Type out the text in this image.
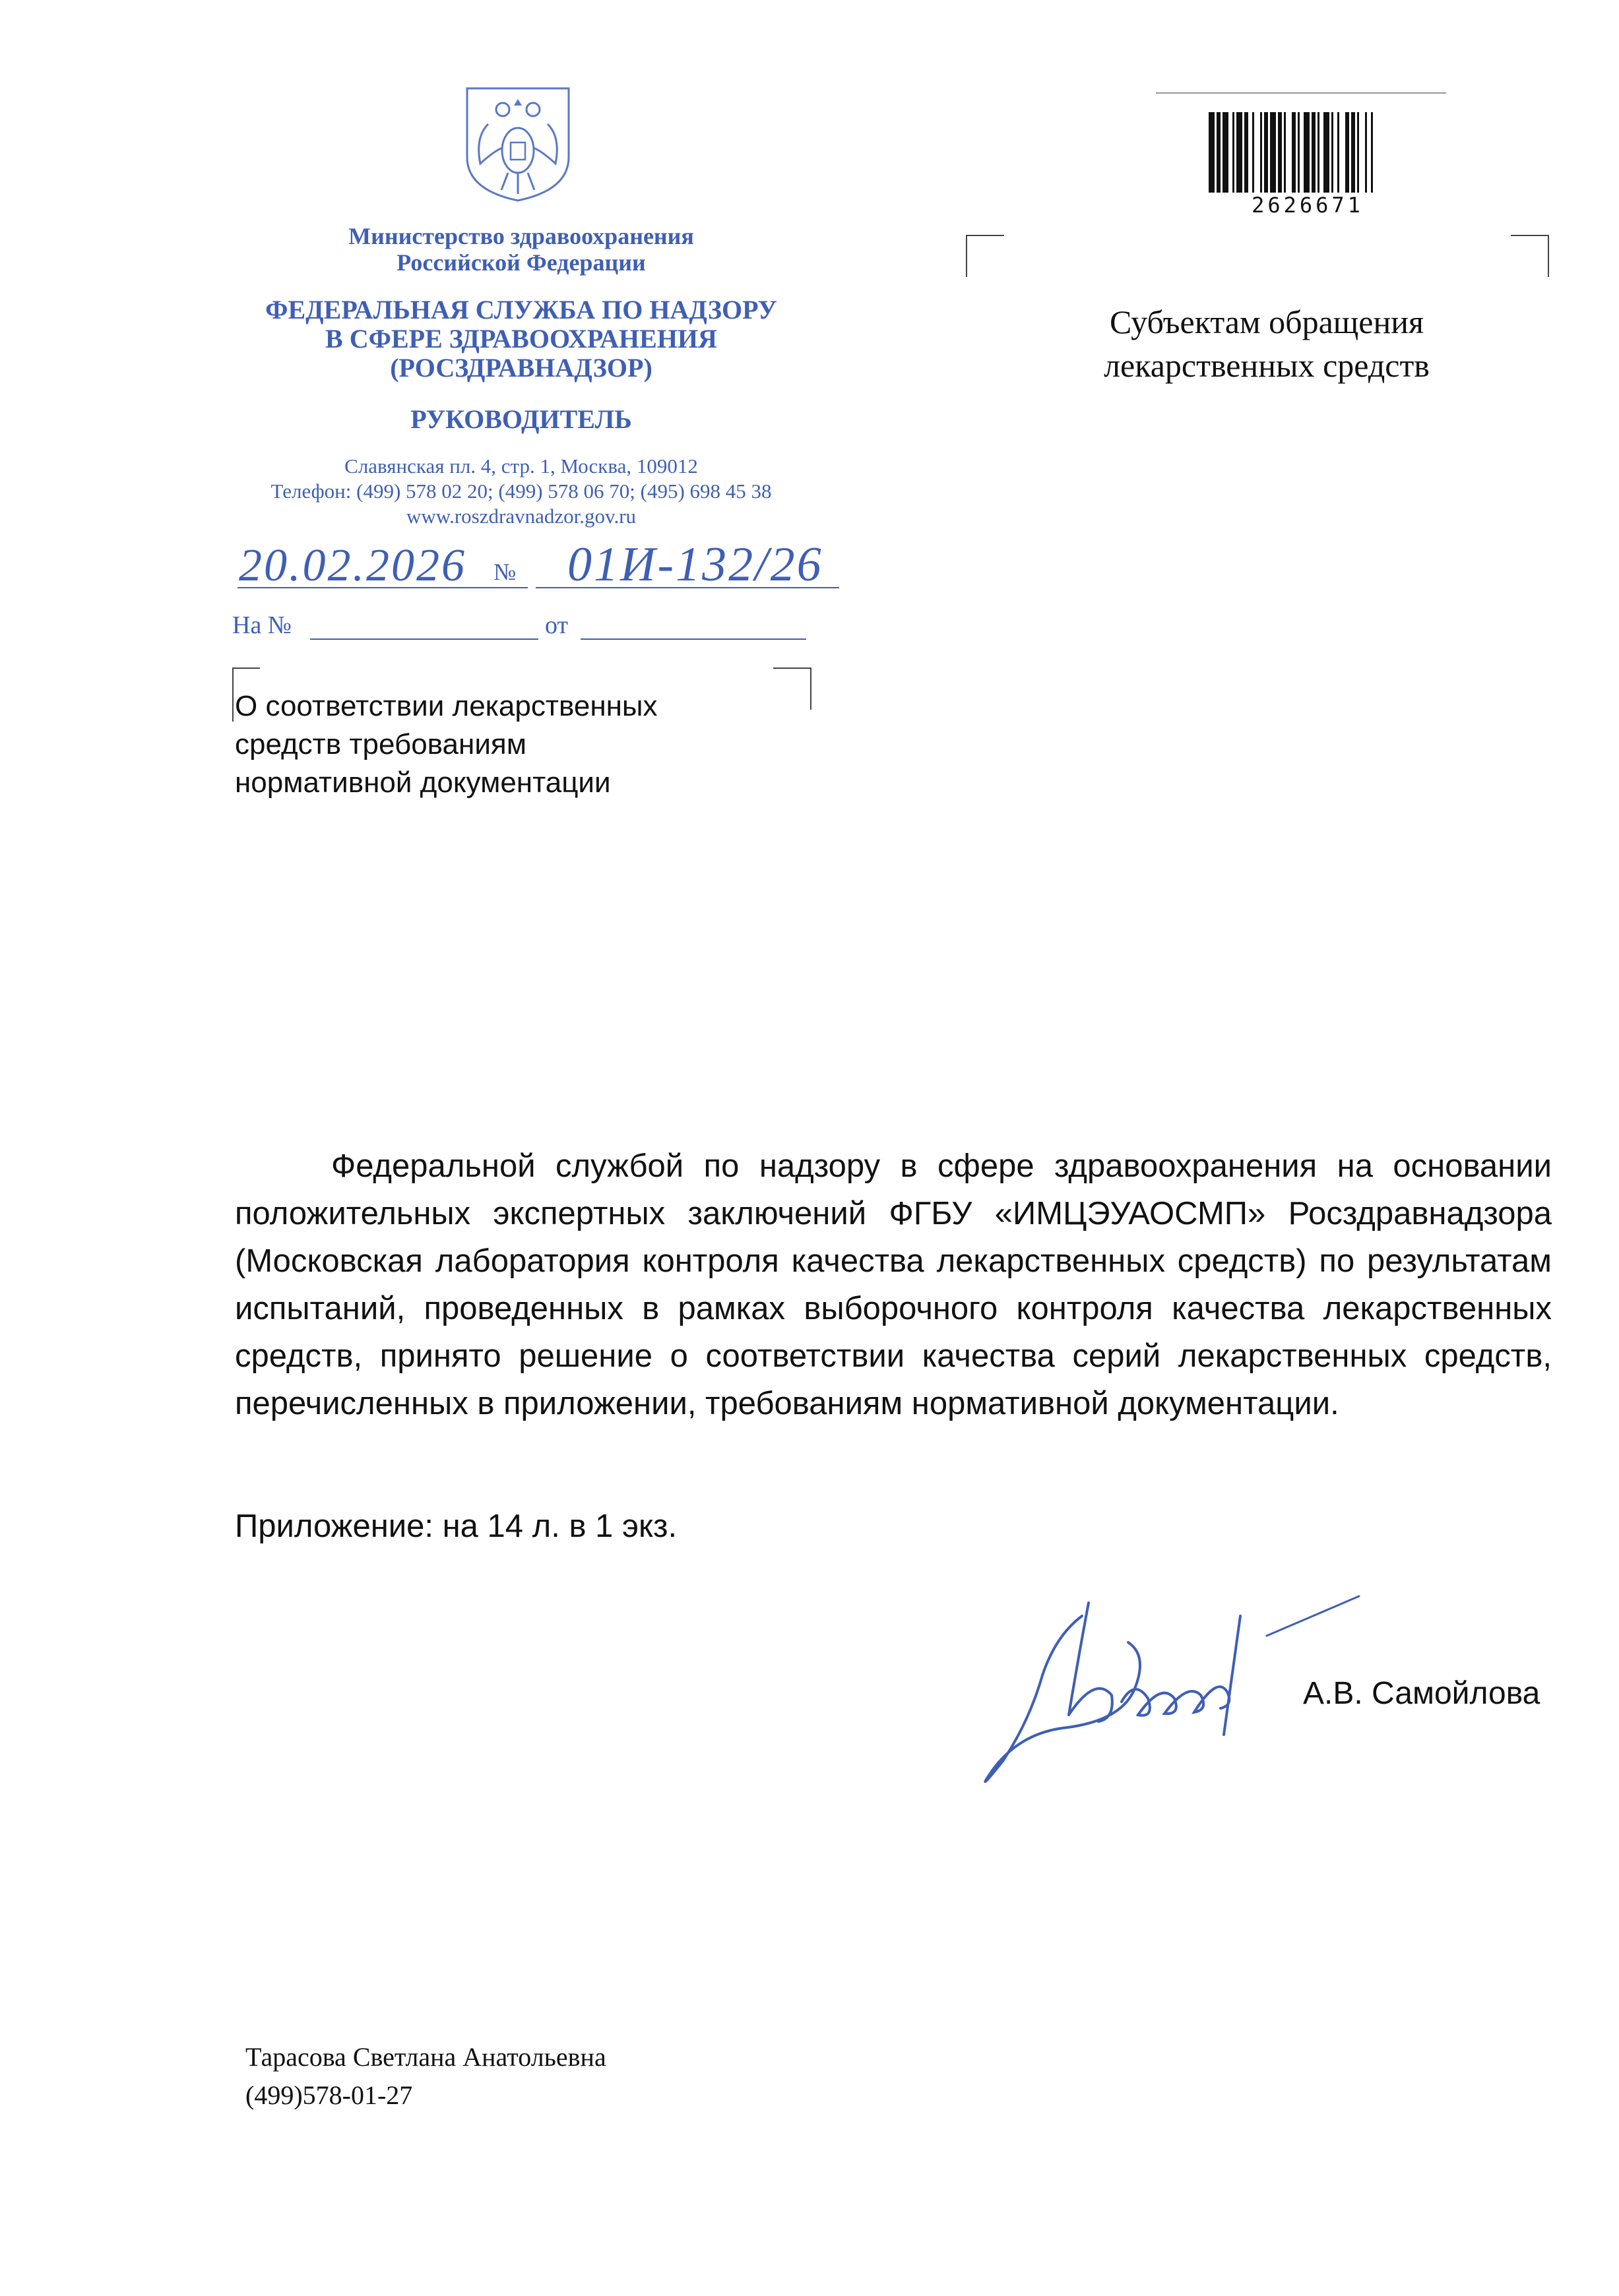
Министерство здравоохранения
Российской Федерации
ФЕДЕРАЛЬНАЯ СЛУЖБА ПО НАДЗОРУ
В СФЕРЕ ЗДРАВООХРАНЕНИЯ
(РОСЗДРАВНАДЗОР)
РУКОВОДИТЕЛЬ
Славянская пл. 4, стр. 1, Москва, 109012
Телефон: (499) 578 02 20; (499) 578 06 70; (495) 698 45 38
www.roszdravnadzor.gov.ru
20.02.2026 № 01И-132/26
На №	от
О соответствии лекарственных
средств требованиям
нормативной документации
Субъектам обращения
лекарственных средств
2626671

Федеральной службой по надзору в сфере здравоохранения на основании положительных экспертных заключений ФГБУ «ИМЦЭУАОСМП» Росздравнадзора (Московская лаборатория контроля качества лекарственных средств) по результатам испытаний, проведенных в рамках выборочного контроля качества лекарственных средств, принято решение о соответствии качества серий лекарственных средств, перечисленных в приложении, требованиям нормативной документации.

Приложение: на 14 л. в 1 экз.
А.В. Самойлова
Тарасова Светлана Анатольевна
(499)578-01-27
